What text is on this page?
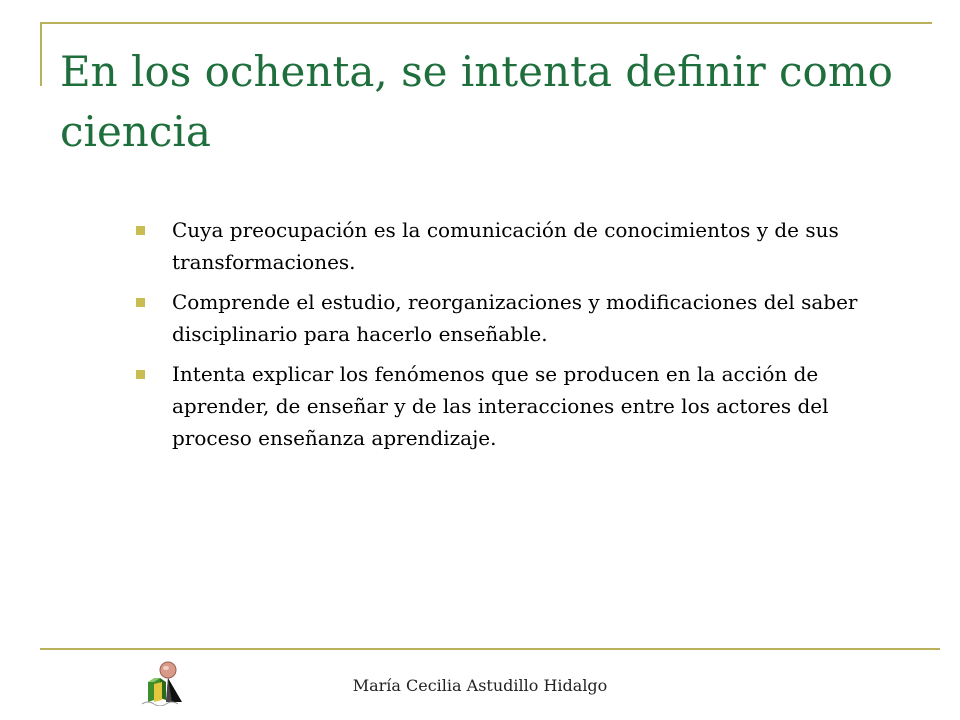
En los ochenta, se intenta definir como ciencia
Cuya preocupación es la comunicación de conocimientos y de sus transformaciones.
Comprende el estudio, reorganizaciones y modificaciones del saber disciplinario para hacerlo enseñable.
Intenta explicar los fenómenos que se producen en la acción de aprender, de enseñar y de las interacciones entre los actores del proceso enseñanza aprendizaje.
María Cecilia Astudillo Hidalgo
